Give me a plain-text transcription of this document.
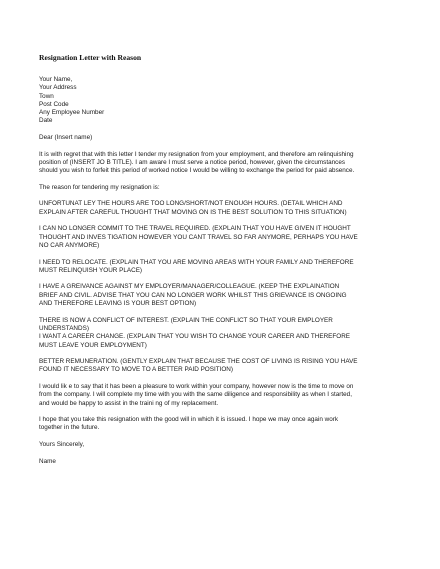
Resignation Letter with Reason
Your Name,
Your Address
Town
Post Code
Any Employee Number
Date
Dear (Insert name)
It is with regret that with this letter I tender my resignation from your employment, and therefore am relinquishing
position of (INSERT JO B TITLE). I am aware I must serve a notice period, however, given the circumstances
should you wish to forfeit this period of worked notice I would be willing to exchange the period for paid absence.
The reason for tendering my resignation is:
UNFORTUNAT LEY THE HOURS ARE TOO LONG/SHORT/NOT ENOUGH HOURS. (DETAIL WHICH AND
EXPLAIN AFTER CAREFUL THOUGHT THAT MOVING ON IS THE BEST SOLUTION TO THIS SITUATION)
I CAN NO LONGER COMMIT TO THE TRAVEL REQUIRED. (EXPLAIN THAT YOU HAVE GIVEN IT HOUGHT
THOUGHT AND INVES TIGATION HOWEVER YOU CANT TRAVEL SO FAR ANYMORE, PERHAPS YOU HAVE
NO CAR ANYMORE)
I NEED TO RELOCATE. (EXPLAIN THAT YOU ARE MOVING AREAS WITH YOUR FAMILY AND THEREFORE
MUST RELINQUISH YOUR PLACE)
I HAVE A GREIVANCE AGAINST MY EMPLOYER/MANAGER/COLLEAGUE. (KEEP THE EXPLAINATION
BRIEF AND CIVIL. ADVISE THAT YOU CAN NO LONGER WORK WHILST THIS GRIEVANCE IS ONGOING
AND THEREFORE LEAVING IS YOUR BEST OPTION)
THERE IS NOW A CONFLICT OF INTEREST. (EXPLAIN THE CONFLICT SO THAT YOUR EMPLOYER
UNDERSTANDS)
I WANT A CAREER CHANGE. (EXPLAIN THAT YOU WISH TO CHANGE YOUR CAREER AND THEREFORE
MUST LEAVE YOUR EMPLOYMENT)
BETTER REMUNERATION. (GENTLY EXPLAIN THAT BECAUSE THE COST OF LIVING IS RISING YOU HAVE
FOUND IT NECESSARY TO MOVE TO A BETTER PAID POSITION)
I would lik e to say that it has been a pleasure to work within your company, however now is the time to move on
from the company. I will complete my time with you with the same diligence and responsibility as when I started,
and would be happy to assist in the traini ng of my replacement.
I hope that you take this resignation with the good will in which it is issued. I hope we may once again work
together in the future.
Yours Sincerely,
Name
